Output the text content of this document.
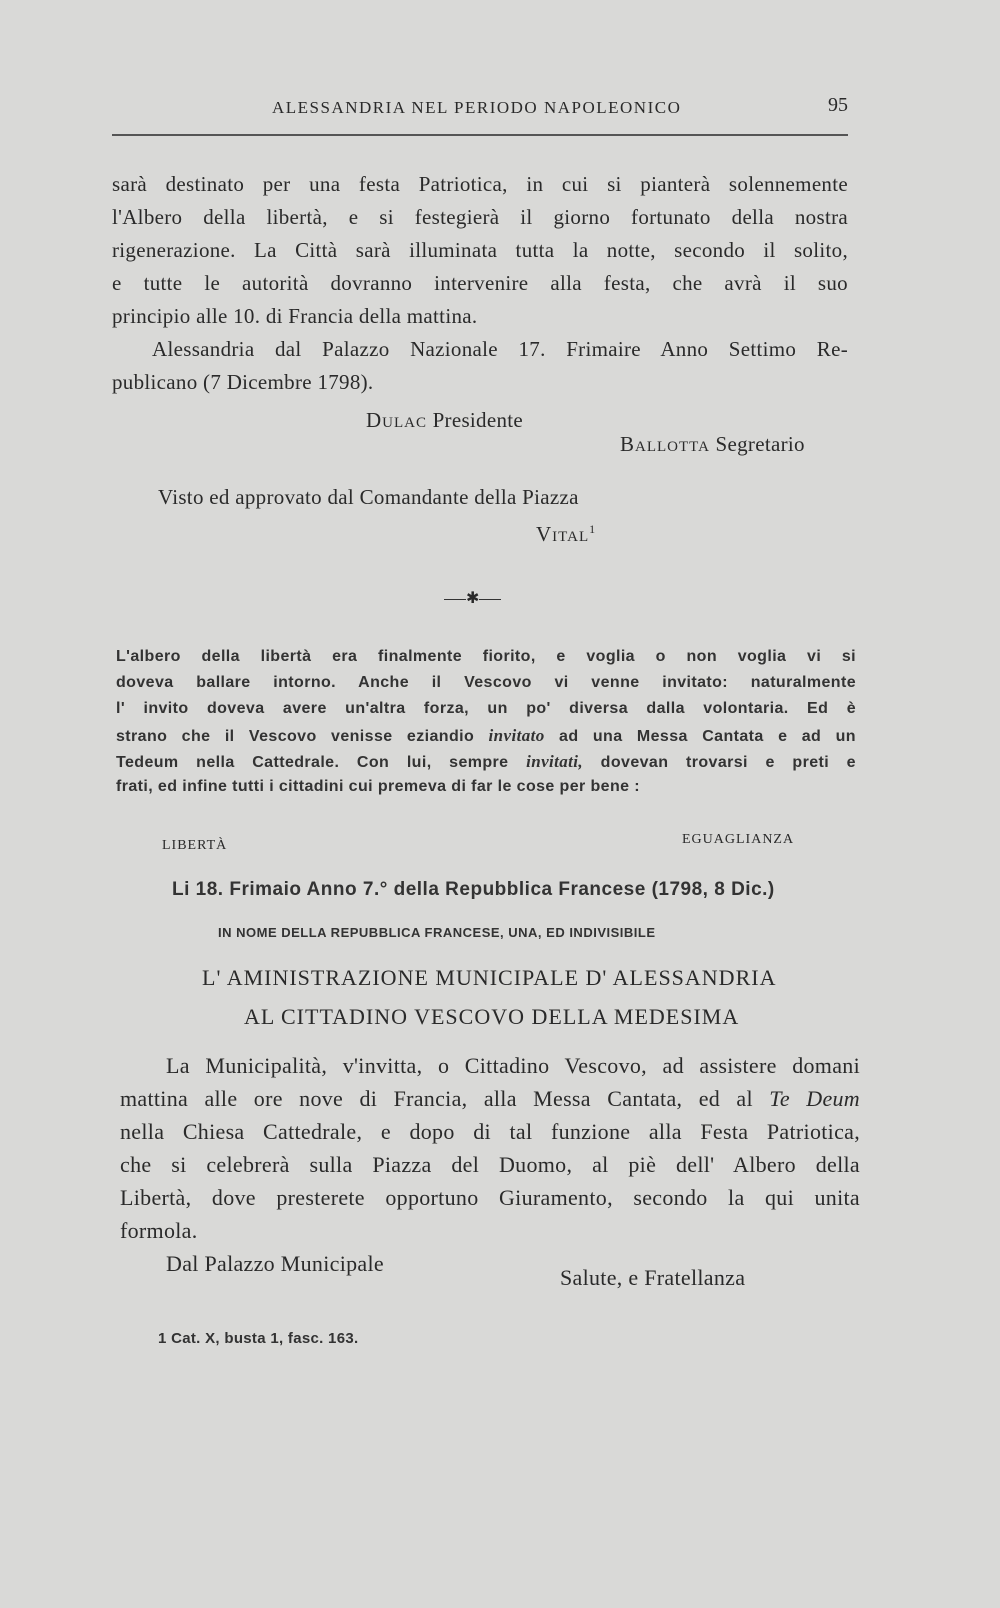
ALESSANDRIA NEL PERIODO NAPOLEONICO	95
sarà destinato per una festa Patriotica, in cui si pianterà solennemente
l'Albero della libertà, e si festegierà il giorno fortunato della nostra
rigenerazione. La Città sarà illuminata tutta la notte, secondo il solito,
e tutte le autorità dovranno intervenire alla festa, che avrà il suo
principio alle 10. di Francia della mattina.
Alessandria dal Palazzo Nazionale 17. Frimaire Anno Settimo Re-
publicano (7 Dicembre 1798).
Dulac Presidente
Ballotta Segretario
Visto ed approvato dal Comandante della Piazza
Vital$^1$
✱
L'albero della libertà era finalmente fiorito, e voglia o non voglia vi si
doveva ballare intorno. Anche il Vescovo vi venne invitato: naturalmente
l' invito doveva avere un'altra forza, un po' diversa dalla volontaria. Ed è
strano che il Vescovo venisse eziandio invitato ad una Messa Cantata e ad un
Tedeum nella Cattedrale. Con lui, sempre invitati, dovevan trovarsi e preti e
frati, ed infine tutti i cittadini cui premeva di far le cose per bene :
LIBERTÀ	EGUAGLIANZA
Li 18. Frimaio Anno 7.° della Repubblica Francese (1798, 8 Dic.)
IN NOME DELLA REPUBBLICA FRANCESE, UNA, ED INDIVISIBILE
L' AMINISTRAZIONE MUNICIPALE D' ALESSANDRIA
AL CITTADINO VESCOVO DELLA MEDESIMA
La Municipalità, v'invitta, o Cittadino Vescovo, ad assistere domani
mattina alle ore nove di Francia, alla Messa Cantata, ed al Te Deum
nella Chiesa Cattedrale, e dopo di tal funzione alla Festa Patriotica,
che si celebrerà sulla Piazza del Duomo, al piè dell' Albero della
Libertà, dove presterete opportuno Giuramento, secondo la qui unita
formola.
Dal Palazzo Municipale
Salute, e Fratellanza
1 Cat. X, busta 1, fasc. 163.
